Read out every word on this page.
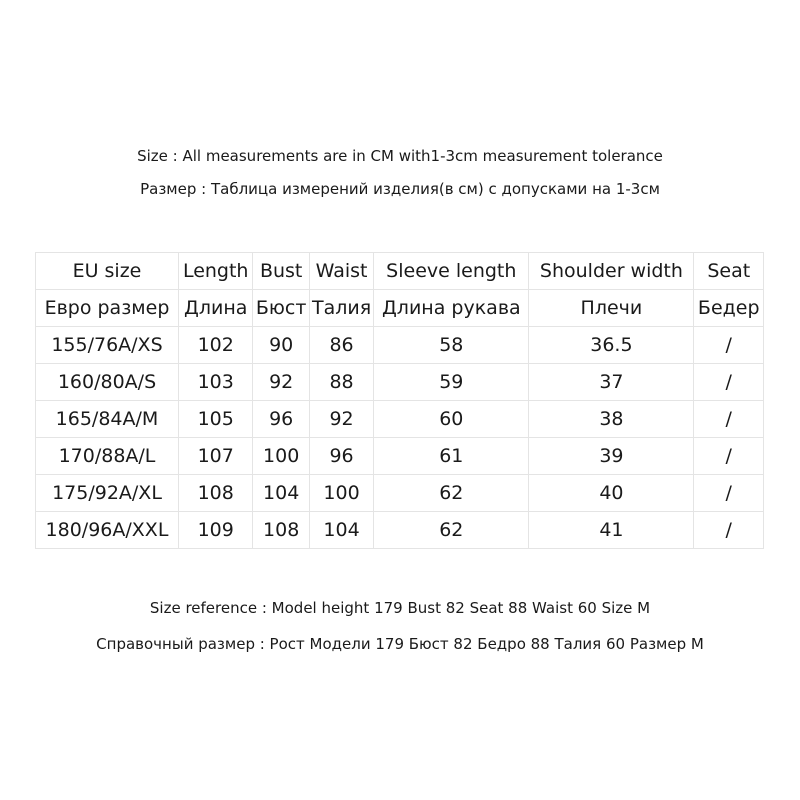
Size : All measurements are in CM with1-3cm measurement tolerance
Размер : Таблица измерений изделия(в см) с допусками на 1-3см
EU size	Length	Bust	Waist	Sleeve length	Shoulder width	Seat
Евро размер	Длина	Бюст	Талия	Длина рукава	Плечи	Бедер
155/76A/XS	102	90	86	58	36.5	/
160/80A/S	103	92	88	59	37	/
165/84A/M	105	96	92	60	38	/
170/88A/L	107	100	96	61	39	/
175/92A/XL	108	104	100	62	40	/
180/96A/XXL	109	108	104	62	41	/
Size reference : Model height 179 Bust 82 Seat 88 Waist 60 Size M
Справочный размер : Рост Модели 179 Бюст 82 Бедро 88 Талия 60 Размер M
